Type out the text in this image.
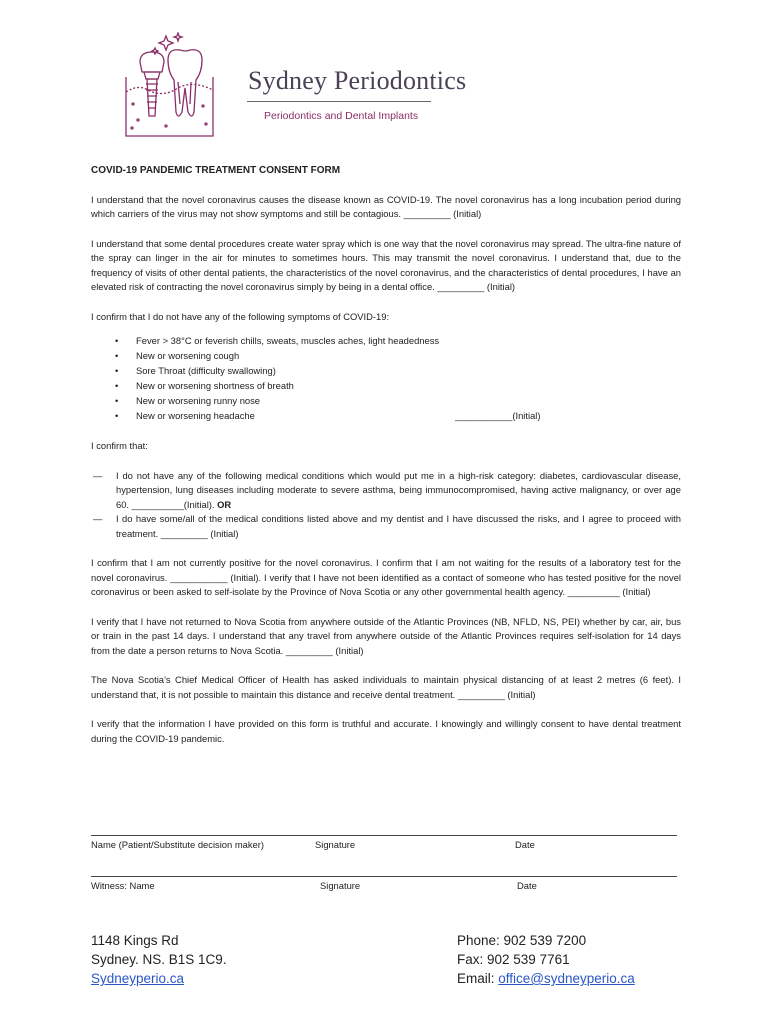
Sydney Periodontics
Periodontics and Dental Implants
COVID-19 PANDEMIC TREATMENT CONSENT FORM

I understand that the novel coronavirus causes the disease known as COVID-19. The novel coronavirus has a long incubation period during which carriers of the virus may not show symptoms and still be contagious. _________ (Initial)

I understand that some dental procedures create water spray which is one way that the novel coronavirus may spread. The ultra-fine nature of the spray can linger in the air for minutes to sometimes hours. This may transmit the novel coronavirus. I understand that, due to the frequency of visits of other dental patients, the characteristics of the novel coronavirus, and the characteristics of dental procedures, I have an elevated risk of contracting the novel coronavirus simply by being in a dental office. _________ (Initial)

I confirm that I do not have any of the following symptoms of COVID-19:

• Fever > 38°C or feverish chills, sweats, muscles aches, light headedness
• New or worsening cough
• Sore Throat (difficulty swallowing)
• New or worsening shortness of breath
• New or worsening runny nose
• New or worsening headache	___________(Initial)

I confirm that:

— I do not have any of the following medical conditions which would put me in a high-risk category: diabetes, cardiovascular disease, hypertension, lung diseases including moderate to severe asthma, being immunocompromised, having active malignancy, or over age 60. __________(Initial). OR
— I do have some/all of the medical conditions listed above and my dentist and I have discussed the risks, and I agree to proceed with treatment. _________ (Initial)

I confirm that I am not currently positive for the novel coronavirus. I confirm that I am not waiting for the results of a laboratory test for the novel coronavirus. ___________ (Initial). I verify that I have not been identified as a contact of someone who has tested positive for the novel coronavirus or been asked to self-isolate by the Province of Nova Scotia or any other governmental health agency. __________ (Initial)

I verify that I have not returned to Nova Scotia from anywhere outside of the Atlantic Provinces (NB, NFLD, NS, PEI) whether by car, air, bus or train in the past 14 days. I understand that any travel from anywhere outside of the Atlantic Provinces requires self-isolation for 14 days from the date a person returns to Nova Scotia. _________ (Initial)

The Nova Scotia’s Chief Medical Officer of Health has asked individuals to maintain physical distancing of at least 2 metres (6 feet). I understand that, it is not possible to maintain this distance and receive dental treatment. _________ (Initial)

I verify that the information I have provided on this form is truthful and accurate. I knowingly and willingly consent to have dental treatment during the COVID-19 pandemic.

Name (Patient/Substitute decision maker)	Signature	Date
Witness: Name	Signature	Date
1148 Kings Rd
Sydney. NS. B1S 1C9.
Sydneyperio.ca
Phone: 902 539 7200
Fax: 902 539 7761
Email: office@sydneyperio.ca
